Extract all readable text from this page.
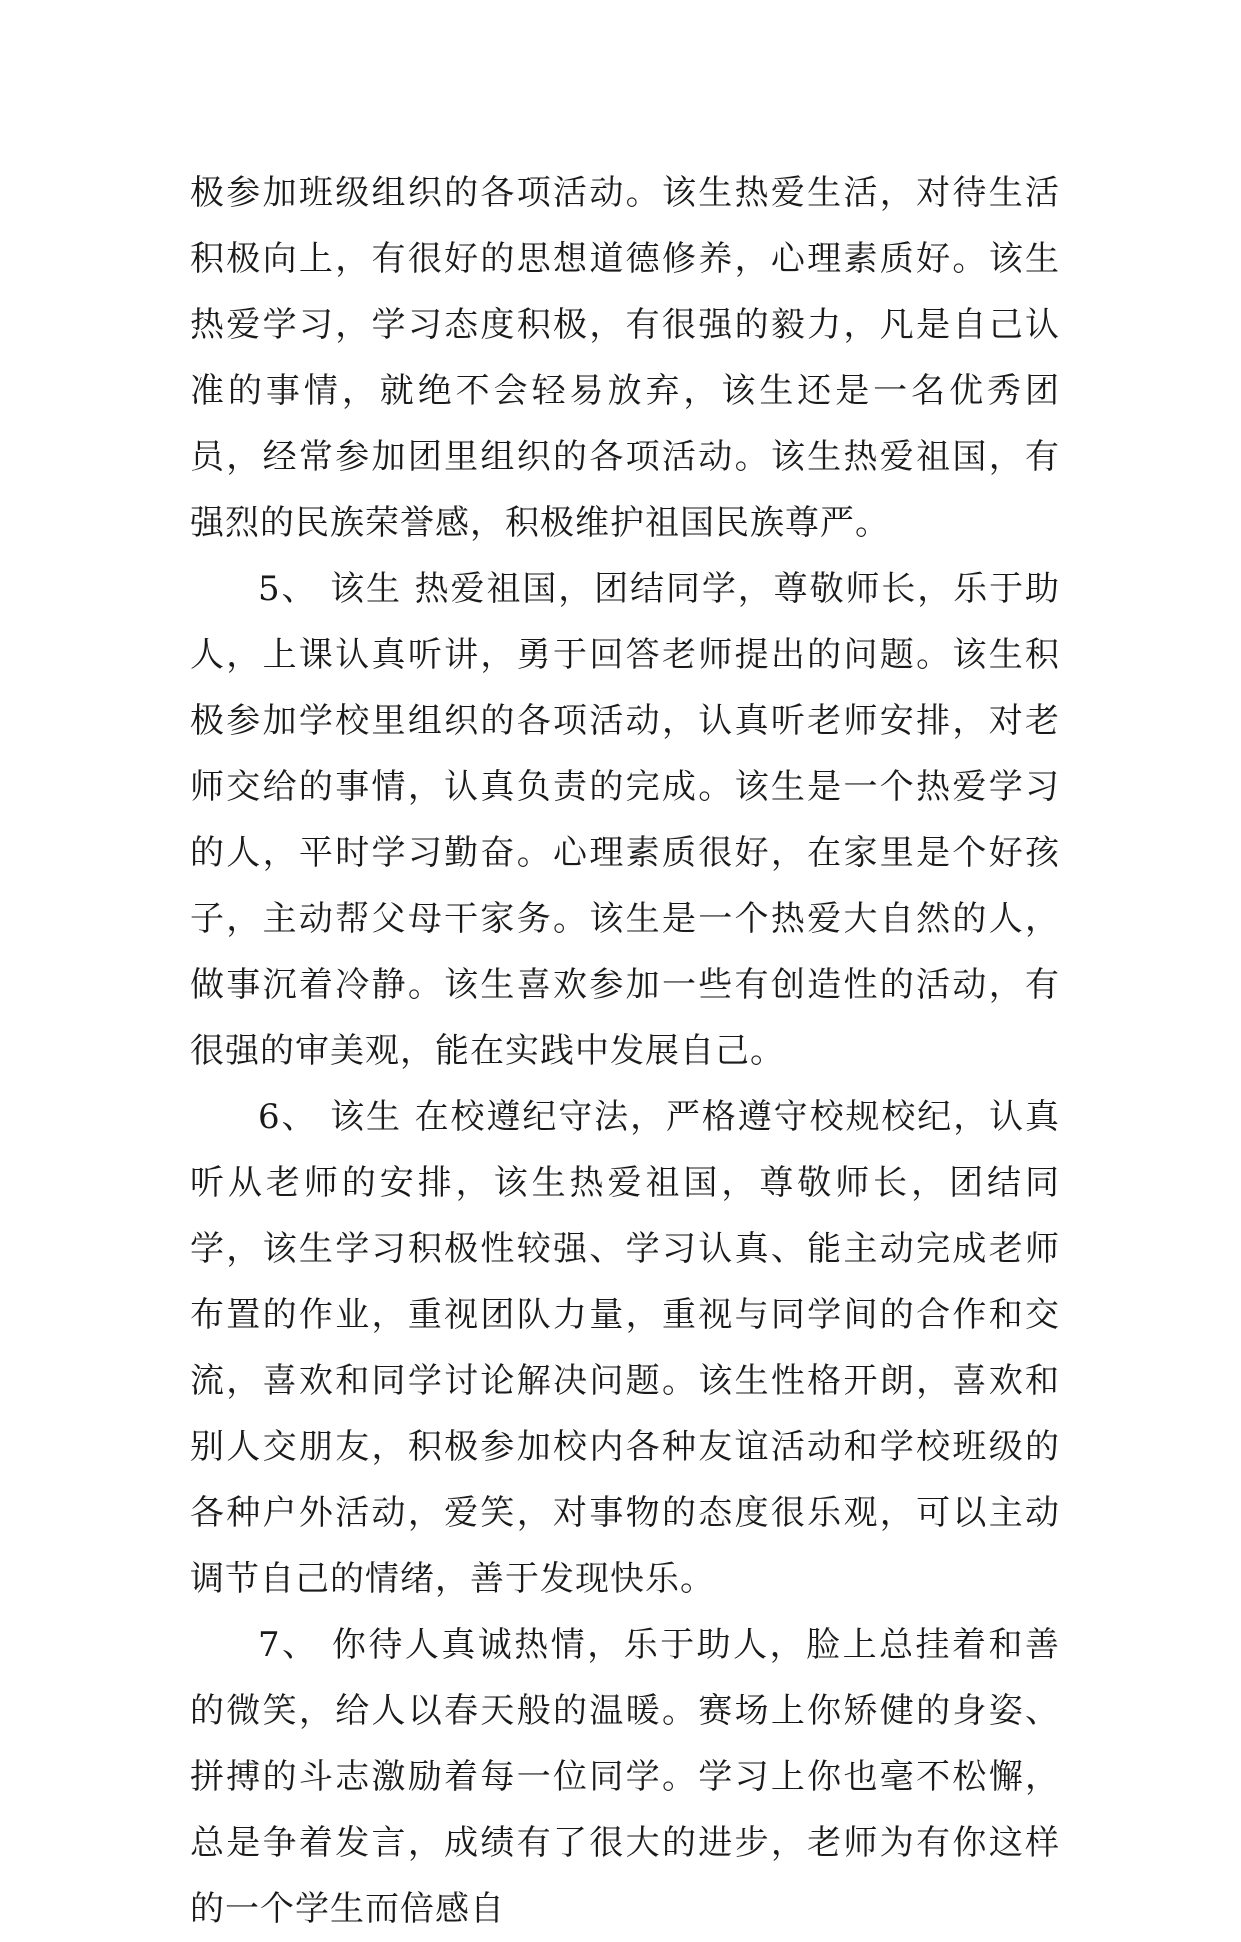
极参加班级组织的各项活动。该生热爱生活，对待生活积极向上，有很好的思想道德修养，心理素质好。该生热爱学习，学习态度积极，有很强的毅力，凡是自己认准的事情，就绝不会轻易放弃，该生还是一名优秀团员，经常参加团里组织的各项活动。该生热爱祖国，有强烈的民族荣誉感，积极维护祖国民族尊严。

5、 该生 热爱祖国，团结同学，尊敬师长，乐于助人，上课认真听讲，勇于回答老师提出的问题。该生积极参加学校里组织的各项活动，认真听老师安排，对老师交给的事情，认真负责的完成。该生是一个热爱学习的人，平时学习勤奋。心理素质很好，在家里是个好孩子，主动帮父母干家务。该生是一个热爱大自然的人，做事沉着冷静。该生喜欢参加一些有创造性的活动，有很强的审美观，能在实践中发展自己。

6、 该生 在校遵纪守法，严格遵守校规校纪，认真听从老师的安排，该生热爱祖国，尊敬师长，团结同学，该生学习积极性较强、学习认真、能主动完成老师布置的作业，重视团队力量，重视与同学间的合作和交流，喜欢和同学讨论解决问题。该生性格开朗，喜欢和别人交朋友，积极参加校内各种友谊活动和学校班级的各种户外活动，爱笑，对事物的态度很乐观，可以主动调节自己的情绪，善于发现快乐。

7、 你待人真诚热情，乐于助人，脸上总挂着和善的微笑，给人以春天般的温暖。赛场上你矫健的身姿、拼搏的斗志激励着每一位同学。学习上你也毫不松懈，总是争着发言，成绩有了很大的进步，老师为有你这样的一个学生而倍感自
